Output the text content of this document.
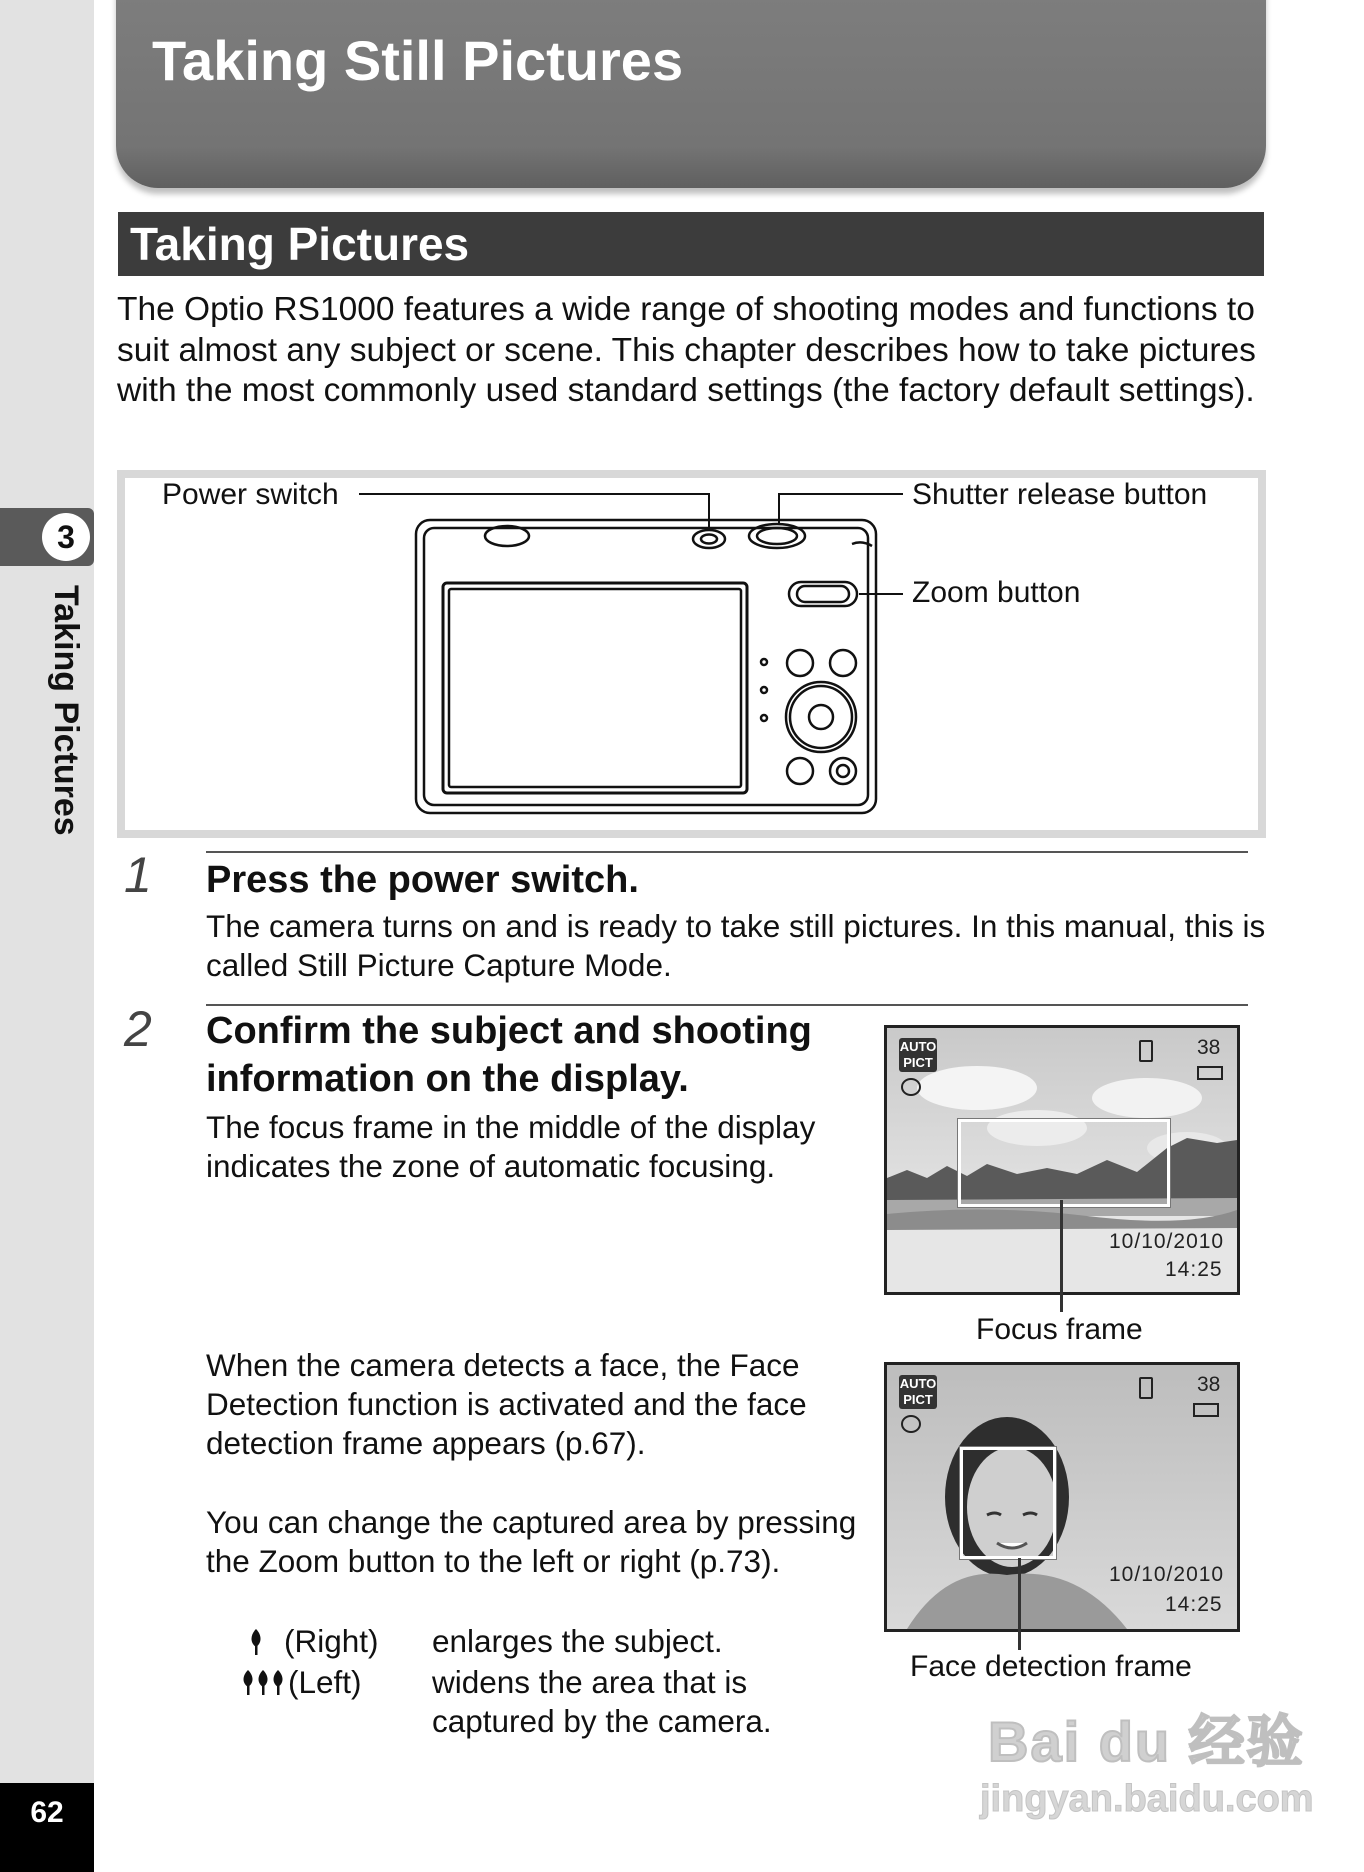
3
Taking Pictures
62
Taking Still Pictures
Taking Pictures
The Optio RS1000 features a wide range of shooting modes and functions to suit almost any subject or scene. This chapter describes how to take pictures with the most commonly used standard settings (the factory default settings).
Power switch	Shutter release button
Zoom button
1 Press the power switch.
The camera turns on and is ready to take still pictures. In this manual, this is called Still Picture Capture Mode.
2 Confirm the subject and shooting
information on the display.
The focus frame in the middle of the display indicates the zone of automatic focusing.
When the camera detects a face, the Face Detection function is activated and the face detection frame appears (p.67).
You can change the captured area by pressing the Zoom button to the left or right (p.73).
(Right) enlarges the subject.
(Left) widens the area that is
captured by the camera.
AUTO
PICT
38
10/10/2010
14:25
Focus frame
AUTO
PICT
38
10/10/2010
14:25
Face detection frame
Bai du 经验
jingyan.baidu.com
